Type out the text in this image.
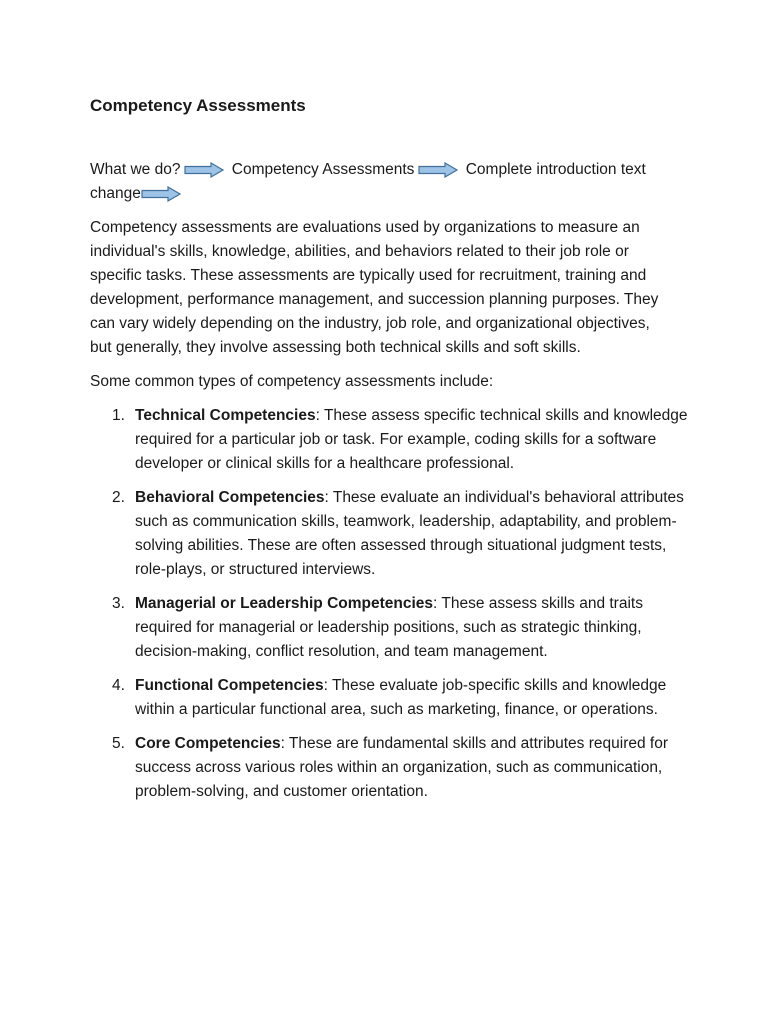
Competency Assessments
What we do?	Competency Assessments	Complete introduction text change

Competency assessments are evaluations used by organizations to measure an individual's skills, knowledge, abilities, and behaviors related to their job role or specific tasks. These assessments are typically used for recruitment, training and development, performance management, and succession planning purposes. They can vary widely depending on the industry, job role, and organizational objectives, but generally, they involve assessing both technical skills and soft skills.

Some common types of competency assessments include:

1. Technical Competencies: These assess specific technical skills and knowledge required for a particular job or task. For example, coding skills for a software developer or clinical skills for a healthcare professional.
2. Behavioral Competencies: These evaluate an individual's behavioral attributes such as communication skills, teamwork, leadership, adaptability, and problem-solving abilities. These are often assessed through situational judgment tests, role-plays, or structured interviews.
3. Managerial or Leadership Competencies: These assess skills and traits required for managerial or leadership positions, such as strategic thinking, decision-making, conflict resolution, and team management.
4. Functional Competencies: These evaluate job-specific skills and knowledge within a particular functional area, such as marketing, finance, or operations.
5. Core Competencies: These are fundamental skills and attributes required for success across various roles within an organization, such as communication, problem-solving, and customer orientation.
